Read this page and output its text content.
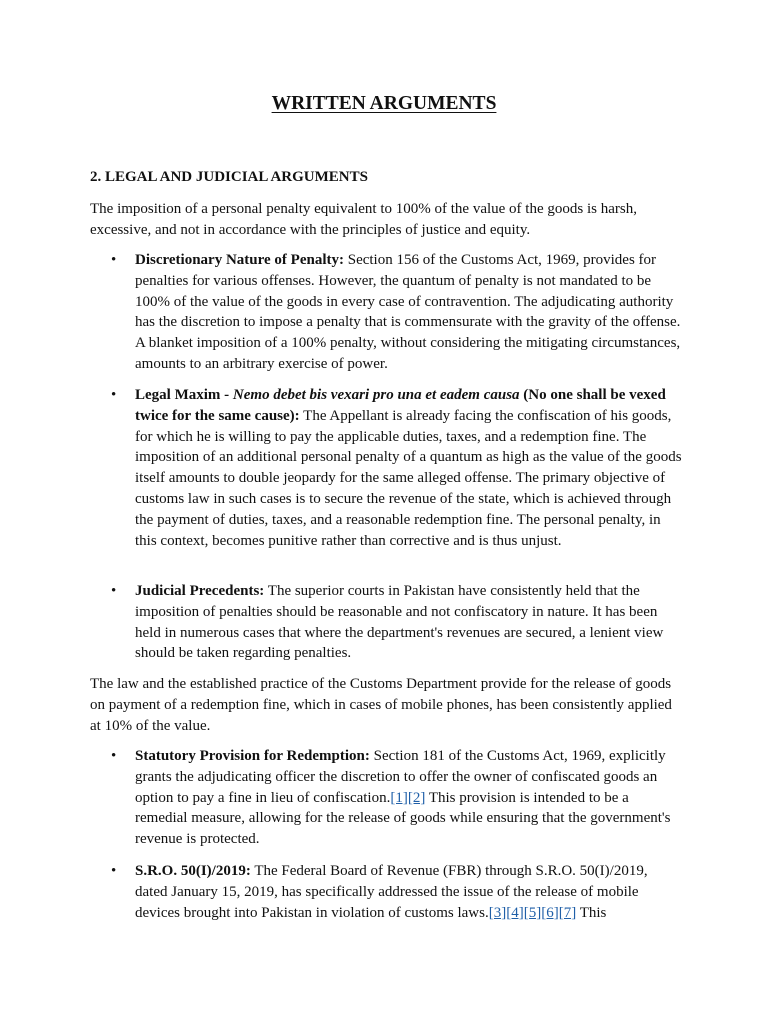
WRITTEN ARGUMENTS
2. LEGAL AND JUDICIAL ARGUMENTS
The imposition of a personal penalty equivalent to 100% of the value of the goods is harsh, excessive, and not in accordance with the principles of justice and equity.
• Discretionary Nature of Penalty: Section 156 of the Customs Act, 1969, provides for penalties for various offenses. However, the quantum of penalty is not mandated to be 100% of the value of the goods in every case of contravention. The adjudicating authority has the discretion to impose a penalty that is commensurate with the gravity of the offense. A blanket imposition of a 100% penalty, without considering the mitigating circumstances, amounts to an arbitrary exercise of power.
• Legal Maxim - Nemo debet bis vexari pro una et eadem causa (No one shall be vexed twice for the same cause): The Appellant is already facing the confiscation of his goods, for which he is willing to pay the applicable duties, taxes, and a redemption fine. The imposition of an additional personal penalty of a quantum as high as the value of the goods itself amounts to double jeopardy for the same alleged offense. The primary objective of customs law in such cases is to secure the revenue of the state, which is achieved through the payment of duties, taxes, and a reasonable redemption fine. The personal penalty, in this context, becomes punitive rather than corrective and is thus unjust.
• Judicial Precedents: The superior courts in Pakistan have consistently held that the imposition of penalties should be reasonable and not confiscatory in nature. It has been held in numerous cases that where the department's revenues are secured, a lenient view should be taken regarding penalties.
The law and the established practice of the Customs Department provide for the release of goods on payment of a redemption fine, which in cases of mobile phones, has been consistently applied at 10% of the value.
• Statutory Provision for Redemption: Section 181 of the Customs Act, 1969, explicitly grants the adjudicating officer the discretion to offer the owner of confiscated goods an option to pay a fine in lieu of confiscation.[1][2] This provision is intended to be a remedial measure, allowing for the release of goods while ensuring that the government's revenue is protected.
• S.R.O. 50(I)/2019: The Federal Board of Revenue (FBR) through S.R.O. 50(I)/2019, dated January 15, 2019, has specifically addressed the issue of the release of mobile devices brought into Pakistan in violation of customs laws.[3][4][5][6][7] This
